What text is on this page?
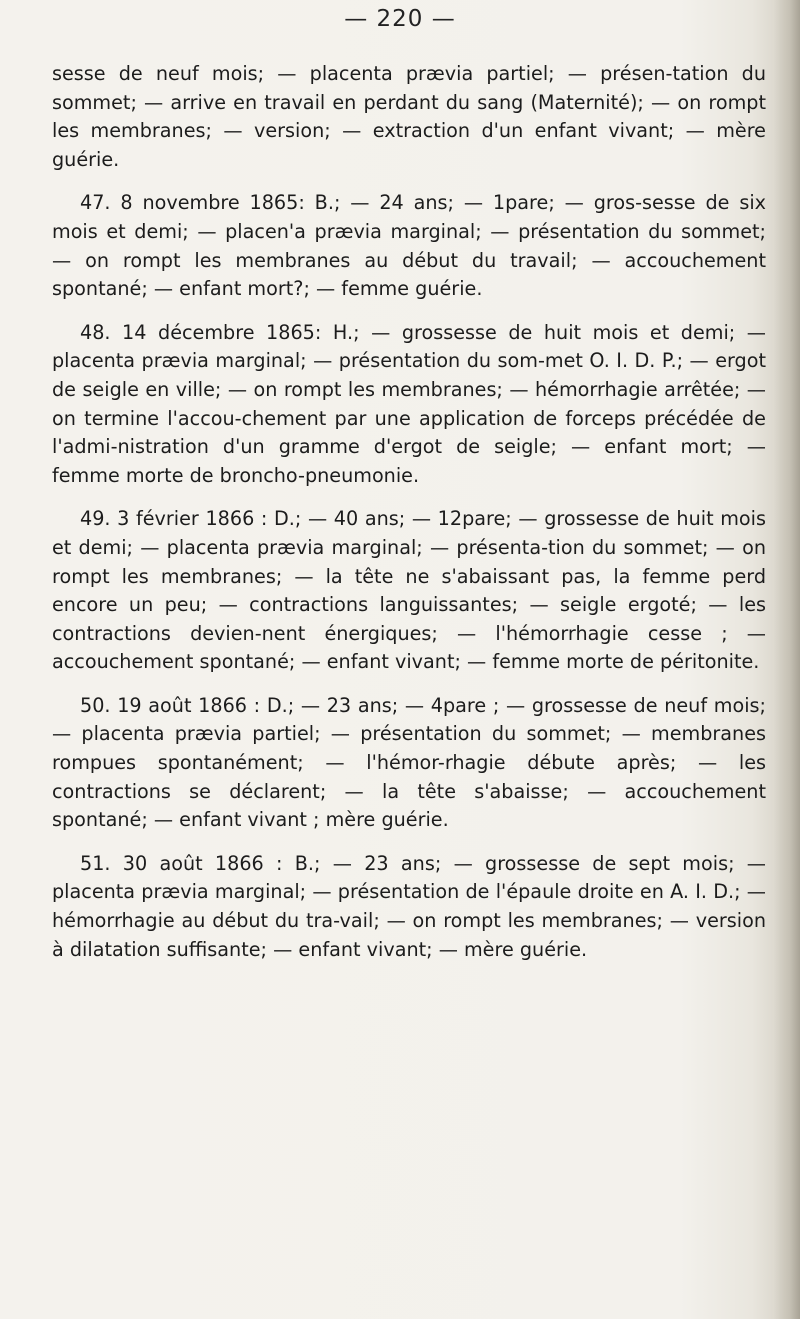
— 220 —

sesse de neuf mois; — placenta prævia partiel; — présen-tation du sommet; — arrive en travail en perdant du sang (Maternité); — on rompt les membranes; — version; — extraction d'un enfant vivant; — mère guérie.

47. 8 novembre 1865: B.; — 24 ans; — 1pare; — gros-sesse de six mois et demi; — placen'a prævia marginal; — présentation du sommet; — on rompt les membranes au début du travail; — accouchement spontané; — enfant mort?; — femme guérie.

48. 14 décembre 1865: H.; — grossesse de huit mois et demi; — placenta prævia marginal; — présentation du som-met O. I. D. P.; — ergot de seigle en ville; — on rompt les membranes; — hémorrhagie arrêtée; — on termine l'accou-chement par une application de forceps précédée de l'admi-nistration d'un gramme d'ergot de seigle; — enfant mort; — femme morte de broncho-pneumonie.

49. 3 février 1866 : D.; — 40 ans; — 12pare; — grossesse de huit mois et demi; — placenta prævia marginal; — présenta-tion du sommet; — on rompt les membranes; — la tête ne s'abaissant pas, la femme perd encore un peu; — contractions languissantes; — seigle ergoté; — les contractions devien-nent énergiques; — l'hémorrhagie cesse ; — accouchement spontané; — enfant vivant; — femme morte de péritonite.

50. 19 août 1866 : D.; — 23 ans; — 4pare ; — grossesse de neuf mois; — placenta prævia partiel; — présentation du sommet; — membranes rompues spontanément; — l'hémor-rhagie débute après; — les contractions se déclarent; — la tête s'abaisse; — accouchement spontané; — enfant vivant ; mère guérie.

51. 30 août 1866 : B.; — 23 ans; — grossesse de sept mois; — placenta prævia marginal; — présentation de l'épaule droite en A. I. D.; — hémorrhagie au début du tra-vail; — on rompt les membranes; — version à dilatation suffisante; — enfant vivant; — mère guérie.
